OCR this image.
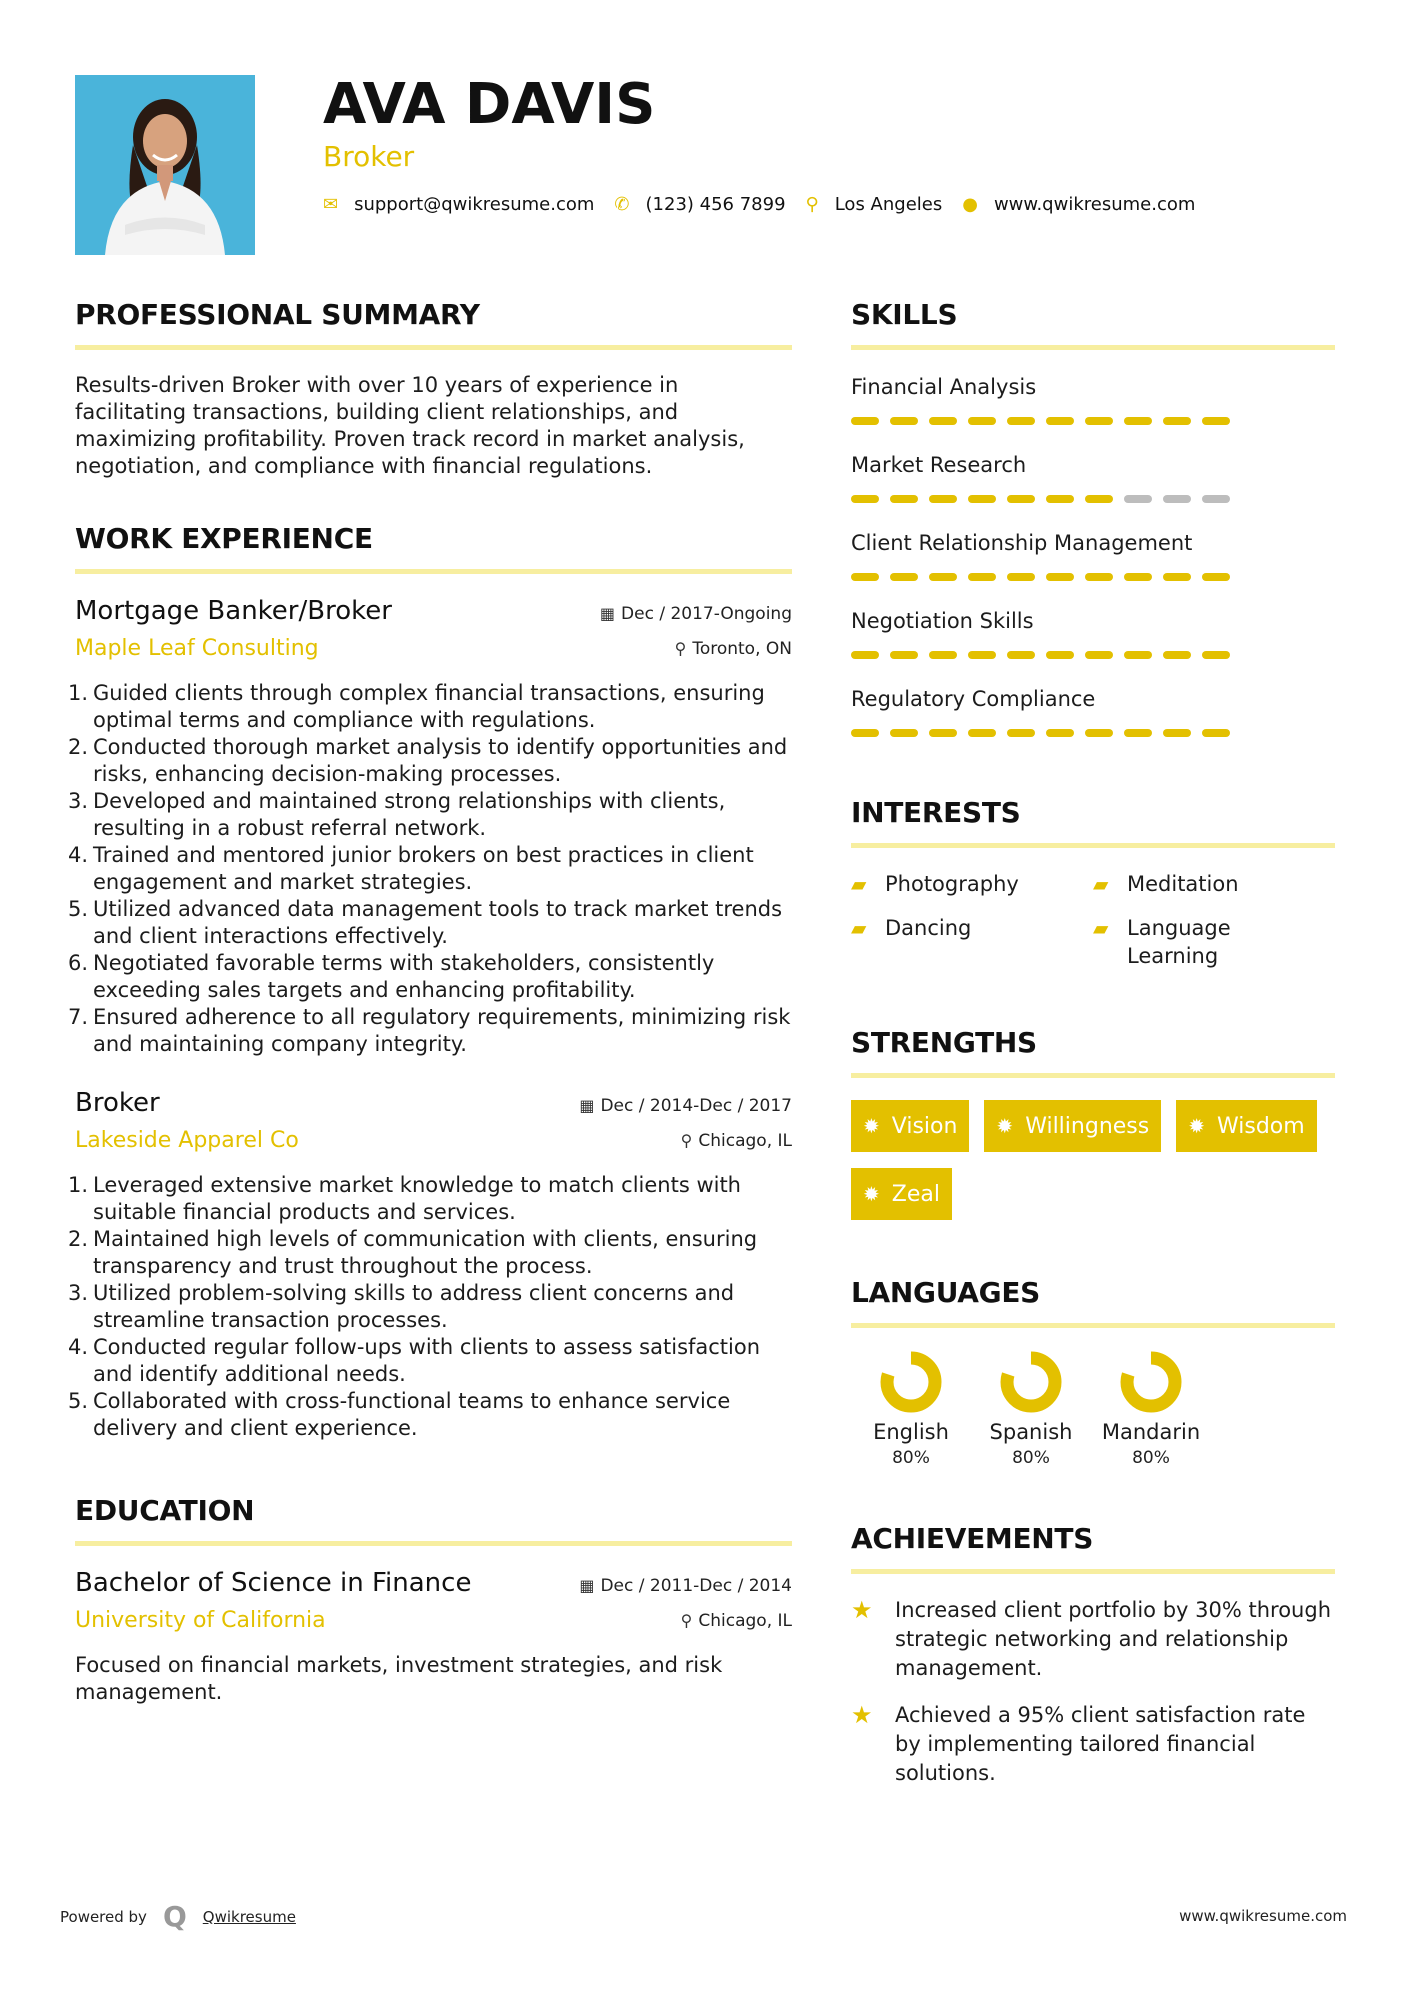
AVA DAVIS
Broker
✉ support@qwikresume.com ✆ (123) 456 7899 ⚲ Los Angeles ● www.qwikresume.com
PROFESSIONAL SUMMARY

Results-driven Broker with over 10 years of experience in facilitating transactions, building client relationships, and maximizing profitability. Proven track record in market analysis, negotiation, and compliance with financial regulations.

WORK EXPERIENCE
Mortgage Banker/Broker
Maple Leaf Consulting
▦ Dec / 2017-Ongoing
⚲ Toronto, ON
1. Guided clients through complex financial transactions, ensuring optimal terms and compliance with regulations.
2. Conducted thorough market analysis to identify opportunities and risks, enhancing decision-making processes.
3. Developed and maintained strong relationships with clients, resulting in a robust referral network.
4. Trained and mentored junior brokers on best practices in client engagement and market strategies.
5. Utilized advanced data management tools to track market trends and client interactions effectively.
6. Negotiated favorable terms with stakeholders, consistently exceeding sales targets and enhancing profitability.
7. Ensured adherence to all regulatory requirements, minimizing risk and maintaining company integrity.
Broker
Lakeside Apparel Co
▦ Dec / 2014-Dec / 2017
⚲ Chicago, IL
1. Leveraged extensive market knowledge to match clients with suitable financial products and services.
2. Maintained high levels of communication with clients, ensuring transparency and trust throughout the process.
3. Utilized problem-solving skills to address client concerns and streamline transaction processes.
4. Conducted regular follow-ups with clients to assess satisfaction and identify additional needs.
5. Collaborated with cross-functional teams to enhance service delivery and client experience.
EDUCATION
Bachelor of Science in Finance
University of California
▦ Dec / 2011-Dec / 2014
⚲ Chicago, IL

Focused on financial markets, investment strategies, and risk management.

SKILLS
Financial Analysis
Market Research
Client Relationship Management
Negotiation Skills
Regulatory Compliance
INTERESTS
▰ Photography	▰ Meditation
▰ Dancing	▰ Language Learning
STRENGTHS
✹ Vision ✹ Willingness ✹ Wisdom
✹ Zeal
LANGUAGES
English
80%
Spanish
80%
Mandarin
80%
ACHIEVEMENTS
★	Increased client portfolio by 30% through strategic networking and relationship management.
★	Achieved a 95% client satisfaction rate by implementing tailored financial solutions.
Powered by Q Qwikresume	www.qwikresume.com
